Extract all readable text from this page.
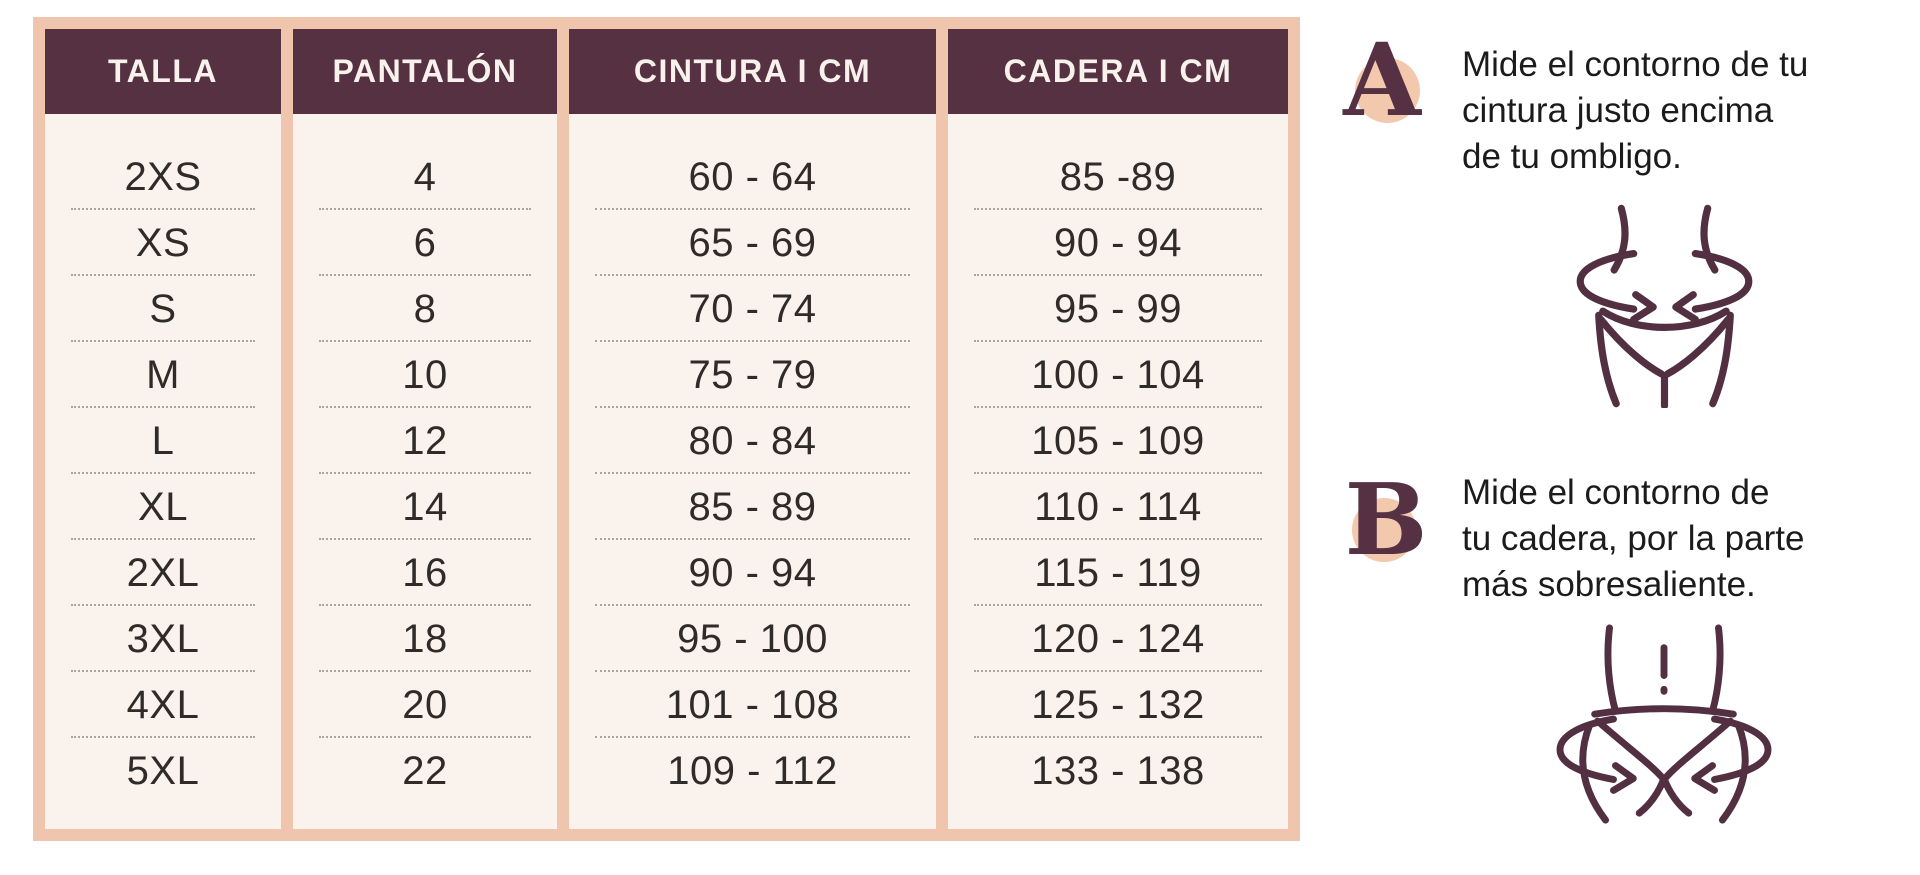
TALLA
2XS
XS
S
M
L
XL
2XL
3XL
4XL
5XL
PANTALÓN
4
6
8
10
12
14
16
18
20
22
CINTURA I CM
60 - 64
65 - 69
70 - 74
75 - 79
80 - 84
85 - 89
90 - 94
95 - 100
101 - 108
109 - 112
CADERA I CM
85 -89
90 - 94
95 - 99
100 - 104
105 - 109
110 - 114
115 - 119
120 - 124
125 - 132
133 - 138
A Mide el contorno de tu
cintura justo encima
de tu ombligo.
B Mide el contorno de
tu cadera, por la parte
más sobresaliente.
